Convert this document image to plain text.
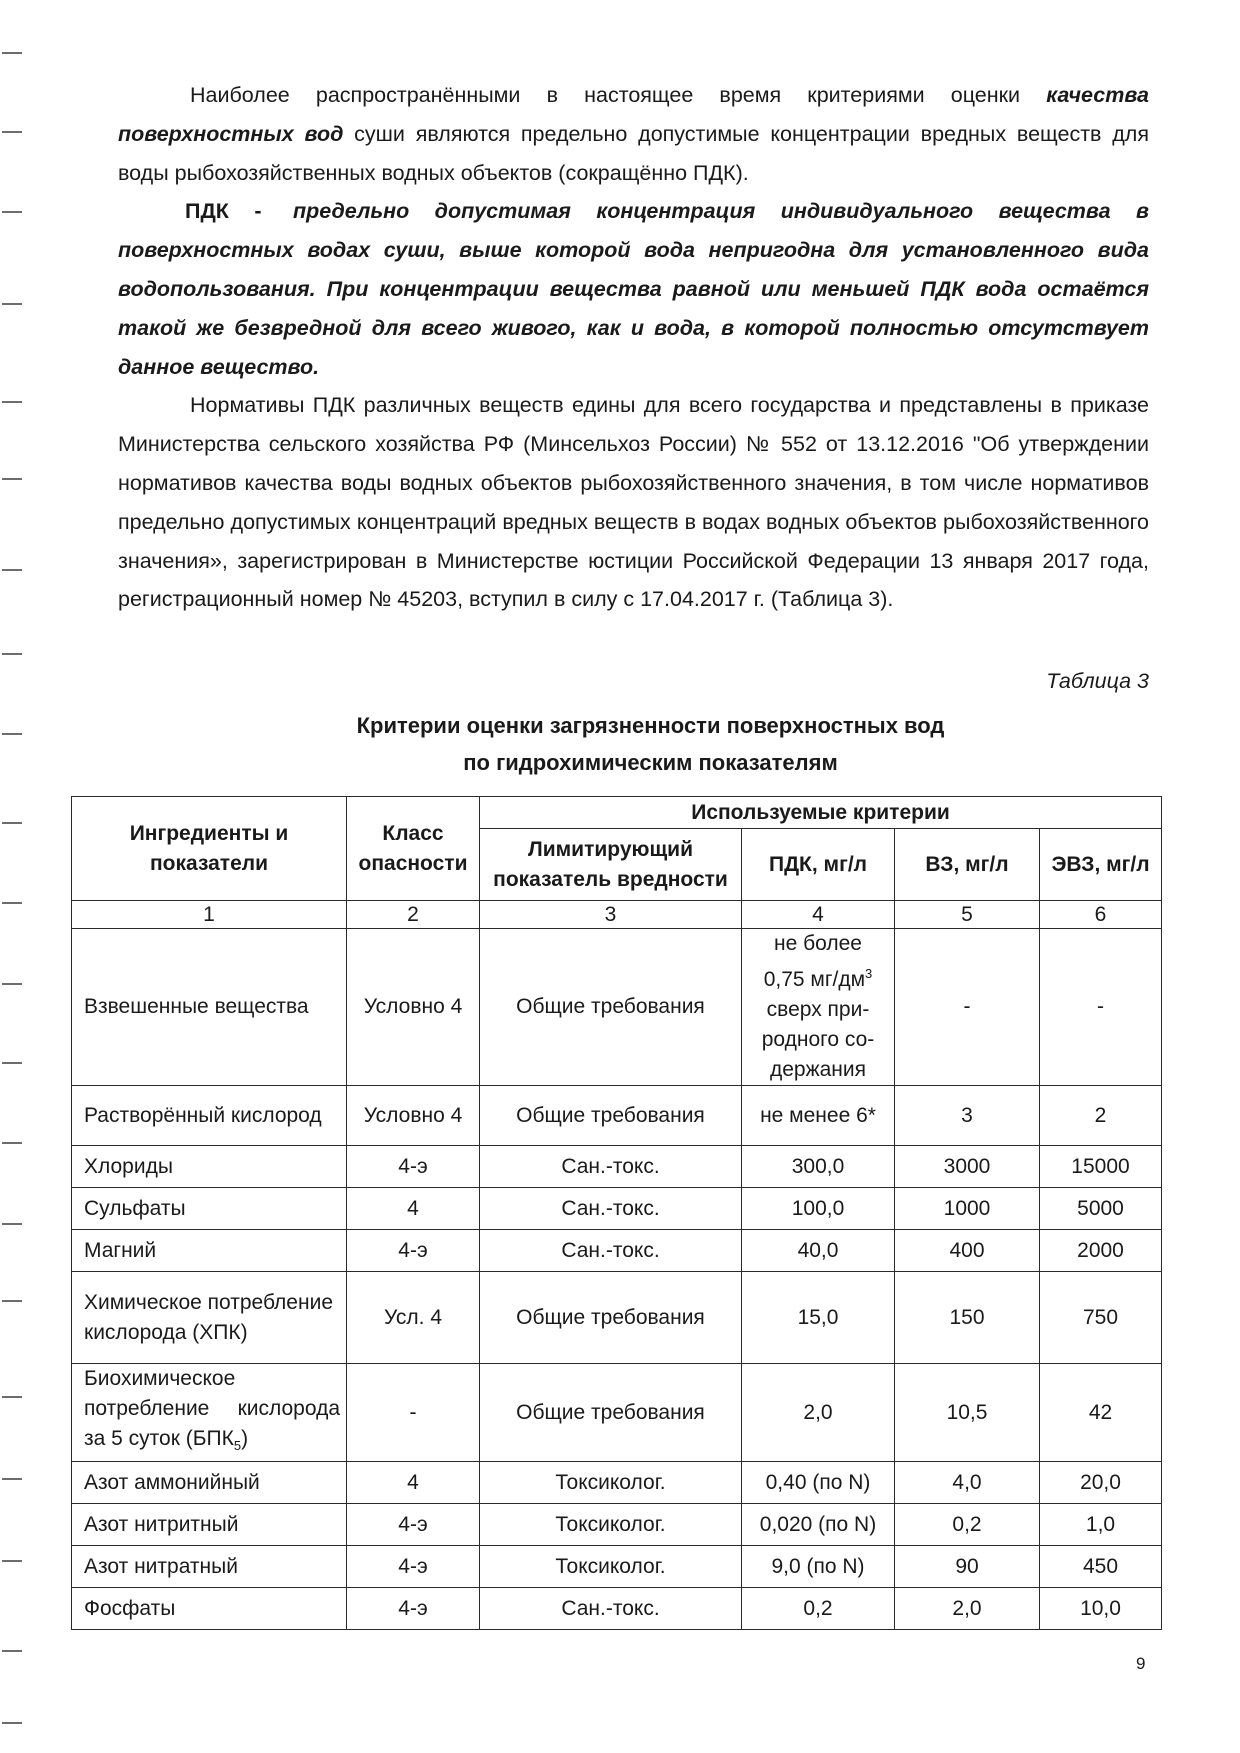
Наиболее распространёнными в настоящее время критериями оценки качества поверхностных вод суши являются предельно допустимые концентрации вредных веществ для воды рыбохозяйственных водных объектов (сокращённо ПДК).

ПДК - предельно допустимая концентрация индивидуального вещества в поверхностных водах суши, выше которой вода непригодна для установленного вида водопользования. При концентрации вещества равной или меньшей ПДК вода остаётся такой же безвредной для всего живого, как и вода, в которой полностью отсутствует данное вещество.

Нормативы ПДК различных веществ едины для всего государства и представлены в приказе Министерства сельского хозяйства РФ (Минсельхоз России) № 552 от 13.12.2016 "Об утверждении нормативов качества воды водных объектов рыбохозяйственного значения, в том числе нормативов предельно допустимых концентраций вредных веществ в водах водных объектов рыбохозяйственного значения», зарегистрирован в Министерстве юстиции Российской Федерации 13 января 2017 года, регистрационный номер № 45203, вступил в силу с 17.04.2017 г. (Таблица 3).

Таблица 3
Критерии оценки загрязненности поверхностных вод
по гидрохимическим показателям
Ингредиенты и показатели	Класс опасности	Используемые критерии			
		Лимитирующий показатель вредности	ПДК, мг/л	ВЗ, мг/л	ЭВЗ, мг/л
1	2	3	4	5	6
Взвешенные вещества	Условно 4	Общие требования	не более
0,75 $мг/дм^3$
сверх при-
родного со-
держания	-	-
Растворённый кислород	Условно 4	Общие требования	не менее 6*	3	2
Хлориды	4-э	Сан.-токс.	300,0	3000	15000
Сульфаты	4	Сан.-токс.	100,0	1000	5000
Магний	4-э	Сан.-токс.	40,0	400	2000
Химическое потребление кислорода (ХПК)	Усл. 4	Общие требования	15,0	150	750
Биохимическое потребление кислорода за 5 суток $(БПК_5)$	-	Общие требования	2,0	10,5	42
Азот аммонийный	4	Токсиколог.	0,40 (по N)	4,0	20,0
Азот нитритный	4-э	Токсиколог.	0,020 (по N)	0,2	1,0
Азот нитратный	4-э	Токсиколог.	9,0 (по N)	90	450
Фосфаты	4-э	Сан.-токс.	0,2	2,0	10,0
9
